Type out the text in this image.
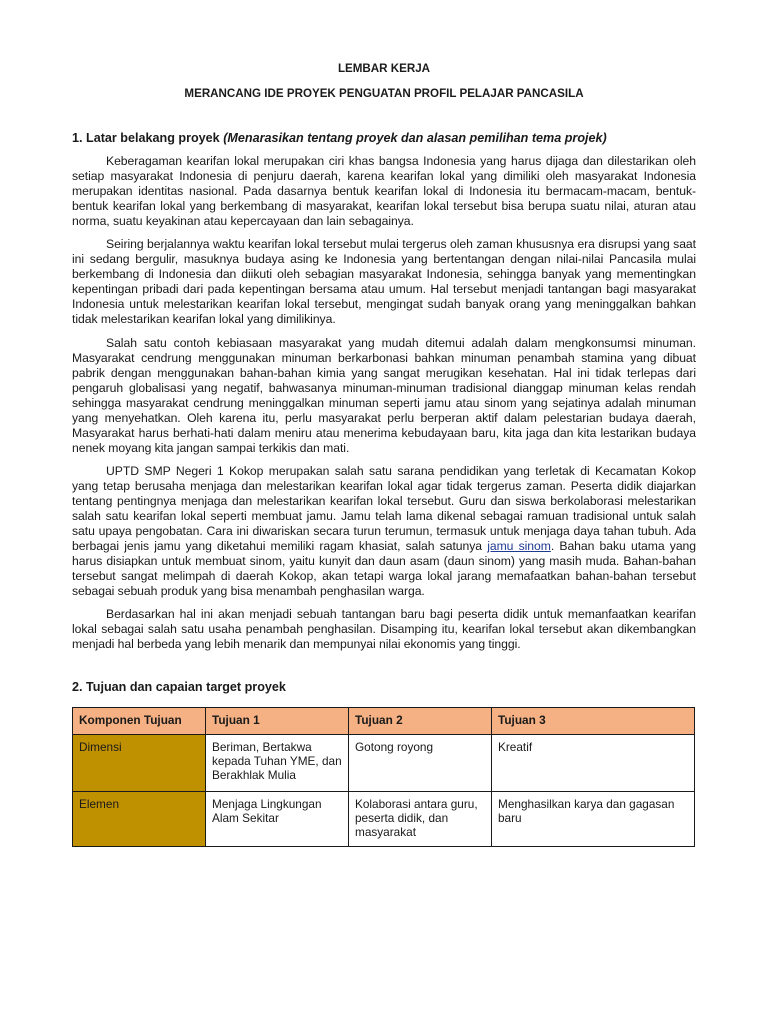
LEMBAR KERJA

MERANCANG IDE PROYEK PENGUATAN PROFIL PELAJAR PANCASILA

1. Latar belakang proyek (Menarasikan tentang proyek dan alasan pemilihan tema projek)

Keberagaman kearifan lokal merupakan ciri khas bangsa Indonesia yang harus dijaga dan dilestarikan oleh setiap masyarakat Indonesia di penjuru daerah, karena kearifan lokal yang dimiliki oleh masyarakat Indonesia merupakan identitas nasional. Pada dasarnya bentuk kearifan lokal di Indonesia itu bermacam-macam, bentuk-bentuk kearifan lokal yang berkembang di masyarakat, kearifan lokal tersebut bisa berupa suatu nilai, aturan atau norma, suatu keyakinan atau kepercayaan dan lain sebagainya.

Seiring berjalannya waktu kearifan lokal tersebut mulai tergerus oleh zaman khususnya era disrupsi yang saat ini sedang bergulir, masuknya budaya asing ke Indonesia yang bertentangan dengan nilai-nilai Pancasila mulai berkembang di Indonesia dan diikuti oleh sebagian masyarakat Indonesia, sehingga banyak yang mementingkan kepentingan pribadi dari pada kepentingan bersama atau umum. Hal tersebut menjadi tantangan bagi masyarakat Indonesia untuk melestarikan kearifan lokal tersebut, mengingat sudah banyak orang yang meninggalkan bahkan tidak melestarikan kearifan lokal yang dimilikinya.

Salah satu contoh kebiasaan masyarakat yang mudah ditemui adalah dalam mengkonsumsi minuman. Masyarakat cendrung menggunakan minuman berkarbonasi bahkan minuman penambah stamina yang dibuat pabrik dengan menggunakan bahan-bahan kimia yang sangat merugikan kesehatan. Hal ini tidak terlepas dari pengaruh globalisasi yang negatif, bahwasanya minuman-minuman tradisional dianggap minuman kelas rendah sehingga masyarakat cendrung meninggalkan minuman seperti jamu atau sinom yang sejatinya adalah minuman yang menyehatkan. Oleh karena itu, perlu masyarakat perlu berperan aktif dalam pelestarian budaya daerah, Masyarakat harus berhati-hati dalam meniru atau menerima kebudayaan baru, kita jaga dan kita lestarikan budaya nenek moyang kita jangan sampai terkikis dan mati.

UPTD SMP Negeri 1 Kokop merupakan salah satu sarana pendidikan yang terletak di Kecamatan Kokop yang tetap berusaha menjaga dan melestarikan kearifan lokal agar tidak tergerus zaman. Peserta didik diajarkan tentang pentingnya menjaga dan melestarikan kearifan lokal tersebut. Guru dan siswa berkolaborasi melestarikan salah satu kearifan lokal seperti membuat jamu. Jamu telah lama dikenal sebagai ramuan tradisional untuk salah satu upaya pengobatan. Cara ini diwariskan secara turun terumun, termasuk untuk menjaga daya tahan tubuh. Ada berbagai jenis jamu yang diketahui memiliki ragam khasiat, salah satunya jamu sinom. Bahan baku utama yang harus disiapkan untuk membuat sinom, yaitu kunyit dan daun asam (daun sinom) yang masih muda. Bahan-bahan tersebut sangat melimpah di daerah Kokop, akan tetapi warga lokal jarang memafaatkan bahan-bahan tersebut sebagai sebuah produk yang bisa menambah penghasilan warga.

Berdasarkan hal ini akan menjadi sebuah tantangan baru bagi peserta didik untuk memanfaatkan kearifan lokal sebagai salah satu usaha penambah penghasilan. Disamping itu, kearifan lokal tersebut akan dikembangkan menjadi hal berbeda yang lebih menarik dan mempunyai nilai ekonomis yang tinggi.

2. Tujuan dan capaian target proyek
Komponen Tujuan	Tujuan 1	Tujuan 2	Tujuan 3
Dimensi	Beriman, Bertakwa kepada Tuhan YME, dan Berakhlak Mulia	Gotong royong	Kreatif
Elemen	Menjaga Lingkungan Alam Sekitar	Kolaborasi antara guru, peserta didik, dan masyarakat	Menghasilkan karya dan gagasan baru
